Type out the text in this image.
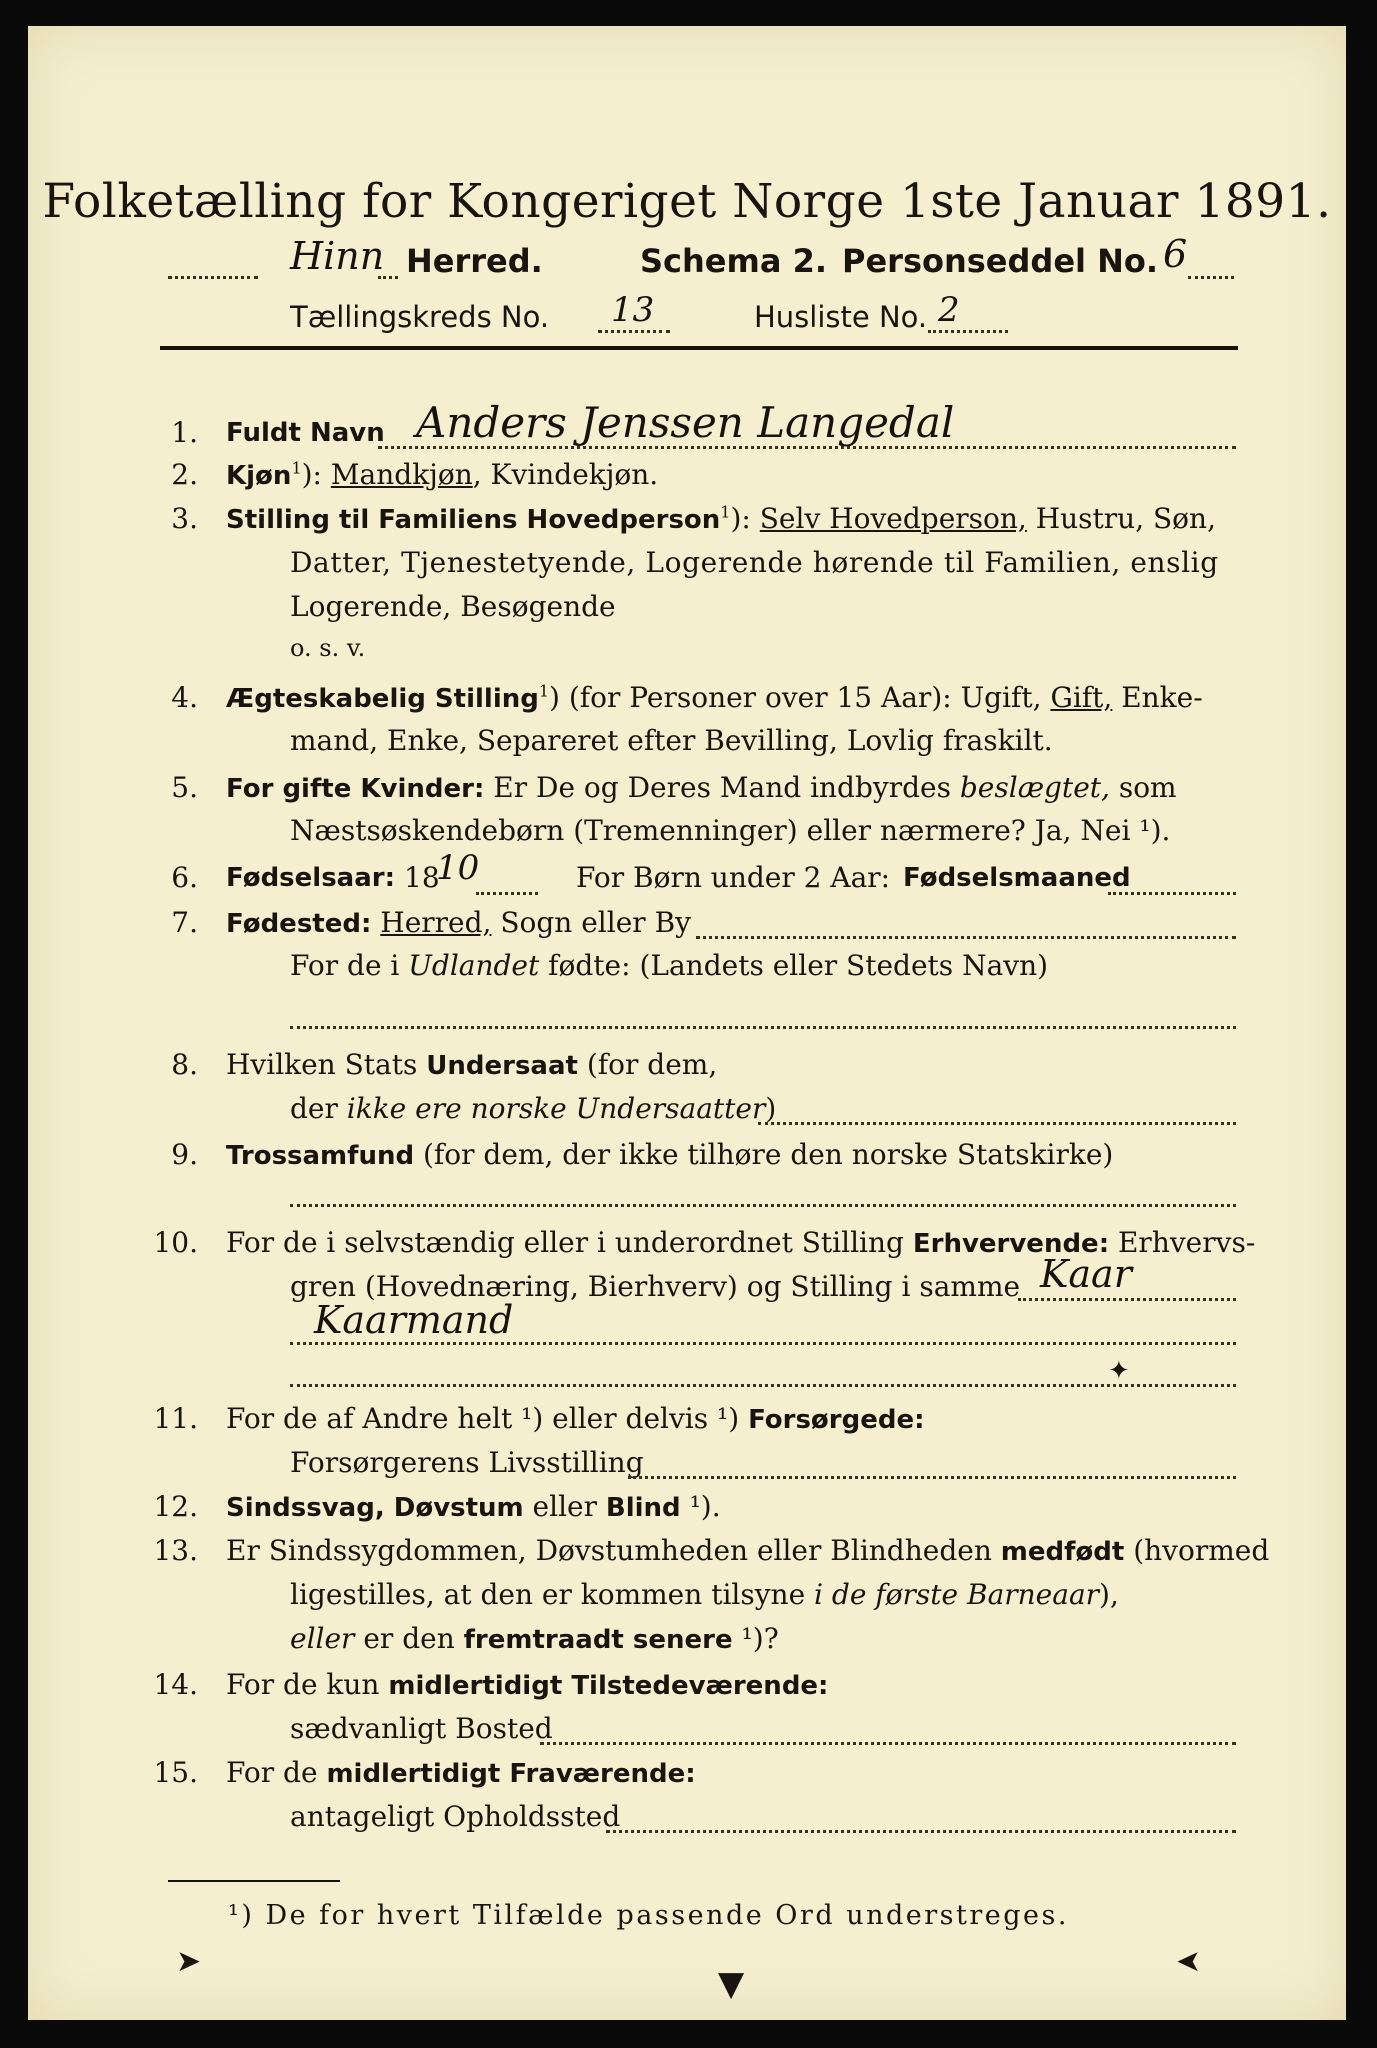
Folketælling for Kongeriget Norge 1ste Januar 1891.
Hinn Herred.	Schema 2. Personseddel No. 6
Tællingskreds No. 13	Husliste No. 2
1. Fuldt Navn Anders Jenssen Langedal
2. Kjøn$^1$): Mandkjøn, Kvindekjøn.
3. Stilling til Familiens Hovedperson$^1$): Selv Hovedperson, Hustru, Søn,
Datter, Tjenestetyende, Logerende hørende til Familien, enslig
Logerende, Besøgende
o. s. v.
4. Ægteskabelig Stilling$^1$) (for Personer over 15 Aar): Ugift, Gift, Enke-
mand, Enke, Separeret efter Bevilling, Lovlig fraskilt.
5. For gifte Kvinder: Er De og Deres Mand indbyrdes beslægtet, som
Næstsøskendebørn (Tremenninger) eller nærmere? Ja, Nei ¹).
6. Fødselsaar: 18
10	For Børn under 2 Aar: Fødselsmaaned
7. Fødested: Herred, Sogn eller By
For de i Udlandet fødte: (Landets eller Stedets Navn)
8. Hvilken Stats Undersaat (for dem,
der ikke ere norske Undersaatter)
9. Trossamfund (for dem, der ikke tilhøre den norske Statskirke)
10. For de i selvstændig eller i underordnet Stilling Erhvervende: Erhvervs-
gren (Hovednæring, Bierhverv) og Stilling i samme Kaar
Kaarmand
✦
11. For de af Andre helt ¹) eller delvis ¹) Forsørgede:
Forsørgerens Livsstilling
12. Sindssvag, Døvstum eller Blind ¹).
13. Er Sindssygdommen, Døvstumheden eller Blindheden medfødt (hvormed
ligestilles, at den er kommen tilsyne i de første Barneaar),
eller er den fremtraadt senere ¹)?
14. For de kun midlertidigt Tilstedeværende:
sædvanligt Bosted
15. For de midlertidigt Fraværende:
antageligt Opholdssted
¹) De for hvert Tilfælde passende Ord understreges.
➤
▼
➤
